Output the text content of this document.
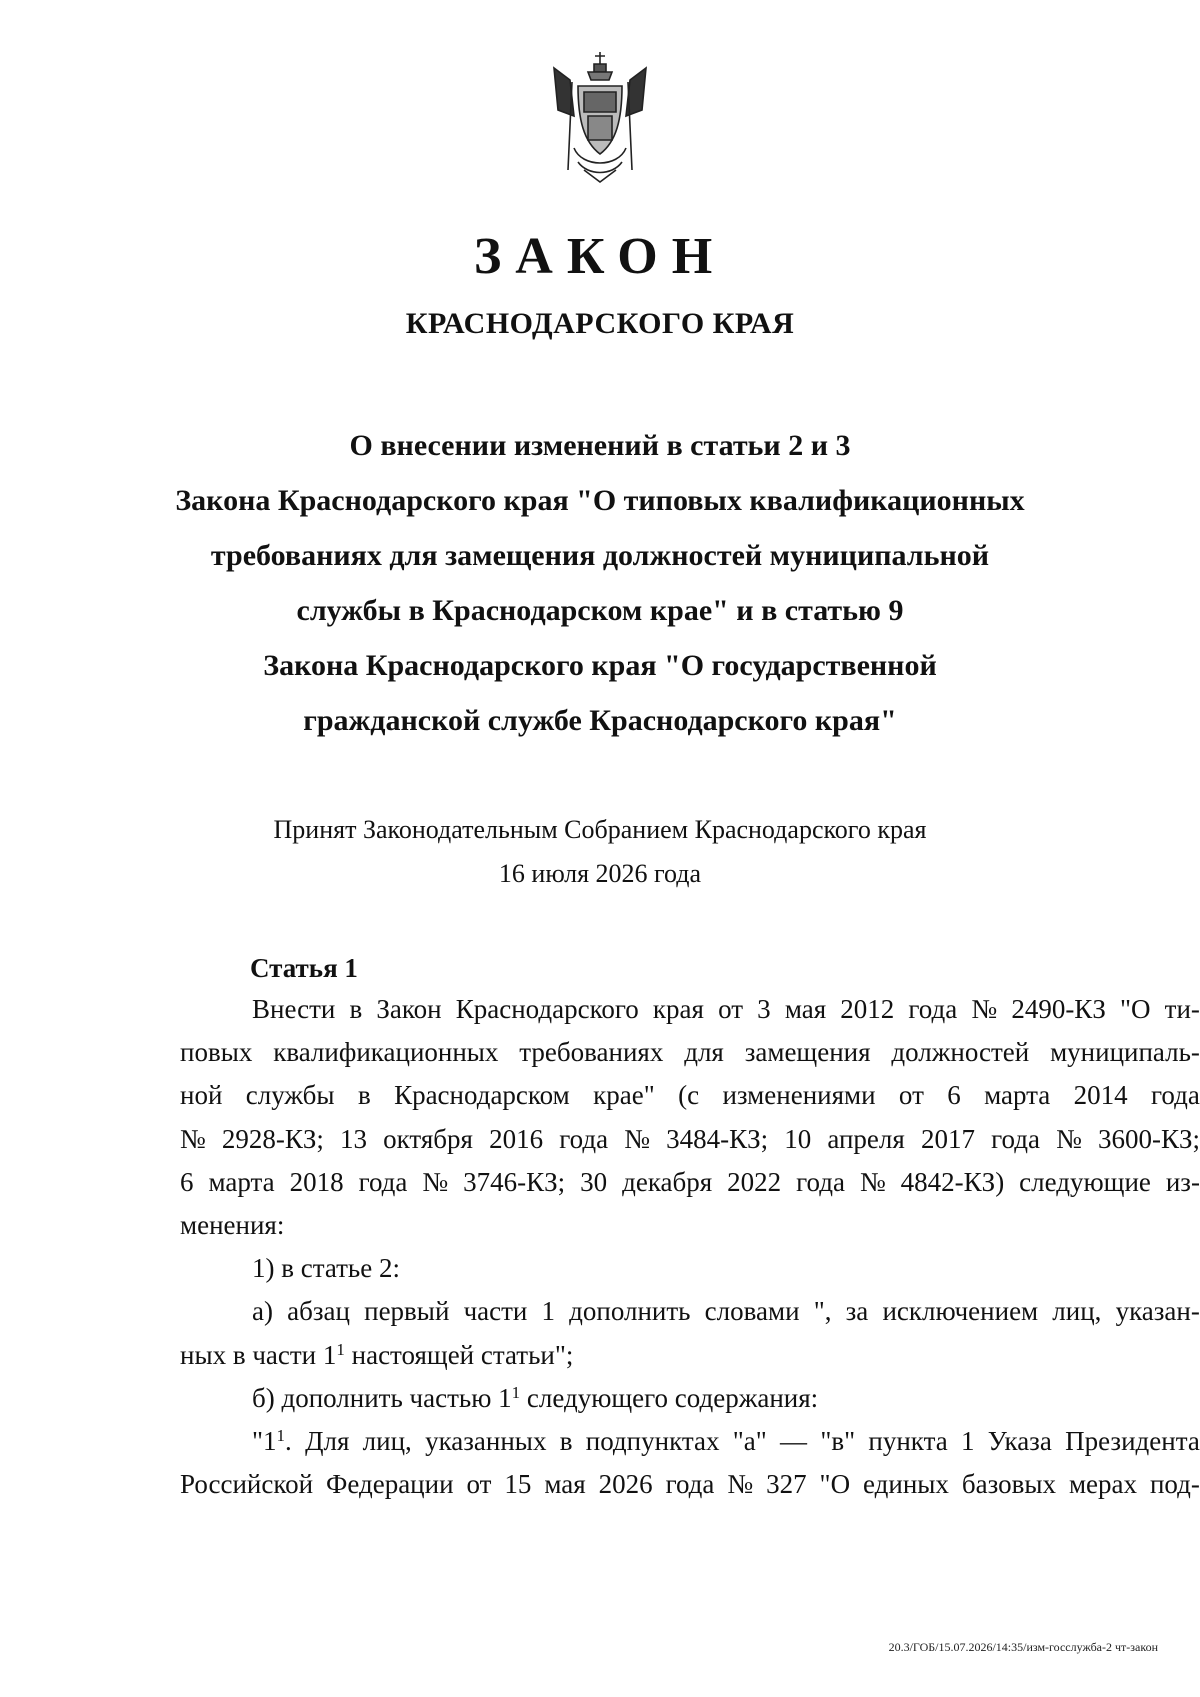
ЗАКОН
КРАСНОДАРСКОГО КРАЯ
О внесении изменений в статьи 2 и 3
Закона Краснодарского края "О типовых квалификационных
требованиях для замещения должностей муниципальной
службы в Краснодарском крае" и в статью 9
Закона Краснодарского края "О государственной
гражданской службе Краснодарского края"
Принят Законодательным Собранием Краснодарского края
16 июля 2026 года
Статья 1
Внести в Закон Краснодарского края от 3 мая 2012 года № 2490-КЗ "О ти-
повых квалификационных требованиях для замещения должностей муниципаль-
ной службы в Краснодарском крае" (с изменениями от 6 марта 2014 года
№ 2928-КЗ; 13 октября 2016 года № 3484-КЗ; 10 апреля 2017 года № 3600-КЗ;
6 марта 2018 года № 3746-КЗ; 30 декабря 2022 года № 4842-КЗ) следующие из-
менения:
1) в статье 2:
а) абзац первый части 1 дополнить словами ", за исключением лиц, указан-
ных в части $1^1$ настоящей статьи";
б) дополнить частью $1^1$ следующего содержания:
"$1^1$. Для лиц, указанных в подпунктах "а" — "в" пункта 1 Указа Президента
Российской Федерации от 15 мая 2026 года № 327 "О единых базовых мерах под-
20.3/ГОБ/15.07.2026/14:35/изм-госслужба-2 чт-закон
